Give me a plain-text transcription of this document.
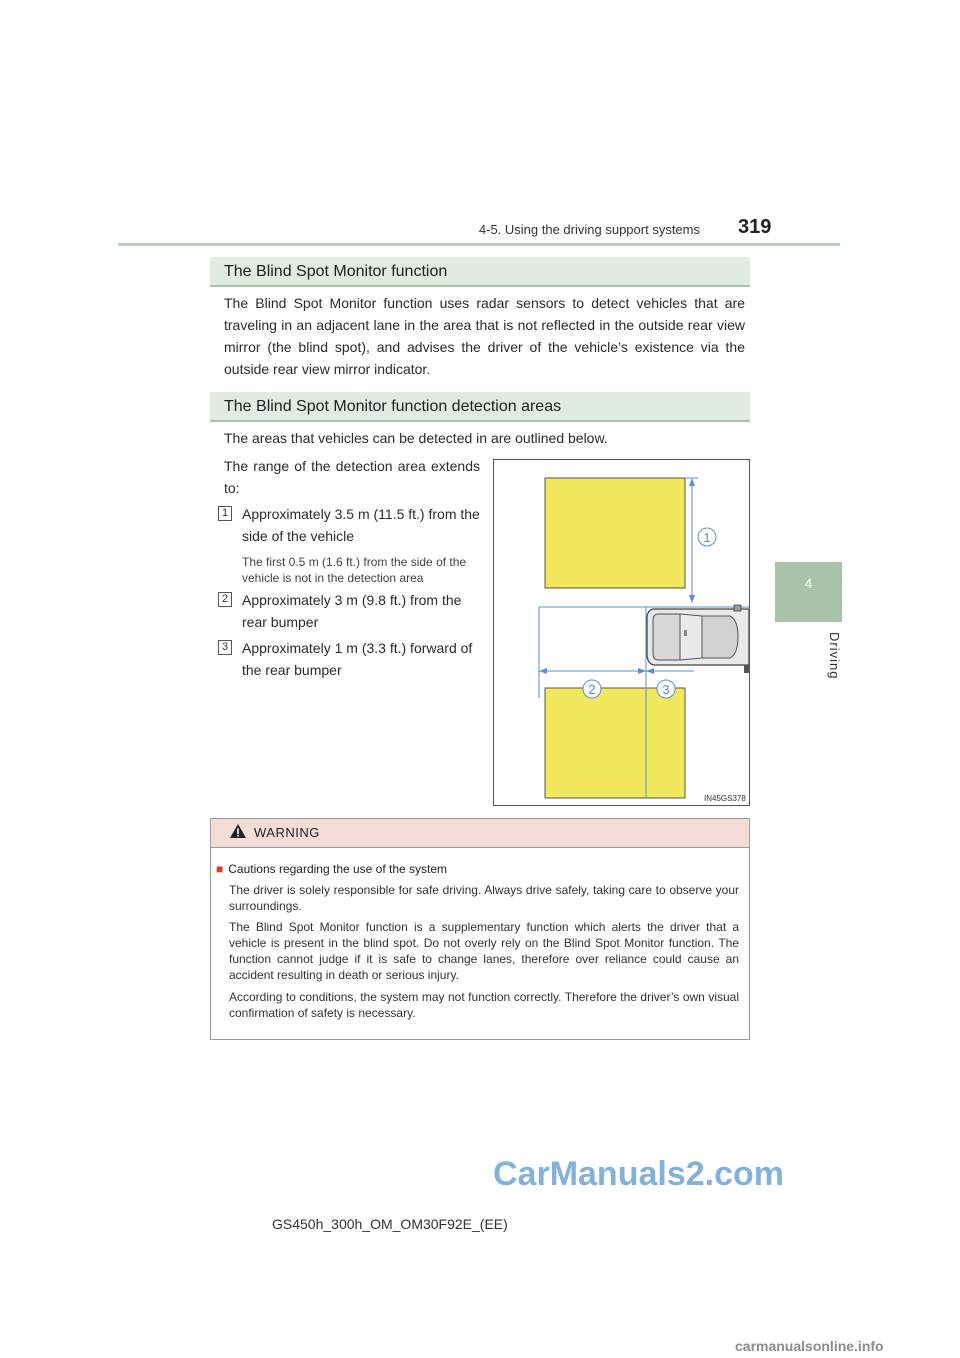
4-5. Using the driving support systems 319
4
Driving
The Blind Spot Monitor function
The Blind Spot Monitor function uses radar sensors to detect vehicles that are traveling in an adjacent lane in the area that is not reflected in the outside rear view mirror (the blind spot), and advises the driver of the vehicle’s existence via the outside rear view mirror indicator.
The Blind Spot Monitor function detection areas
The areas that vehicles can be detected in are outlined below.
The range of the detection area extends to:
1 Approximately 3.5 m (11.5 ft.) from the side of the vehicle
The first 0.5 m (1.6 ft.) from the side of the vehicle is not in the detection area
2 Approximately 3 m (9.8 ft.) from the rear bumper
3 Approximately 1 m (3.3 ft.) forward of the rear bumper
1
2	3
IN45GS378
WARNING
■ Cautions regarding the use of the system
The driver is solely responsible for safe driving. Always drive safely, taking care to observe your surroundings.
The Blind Spot Monitor function is a supplementary function which alerts the driver that a vehicle is present in the blind spot. Do not overly rely on the Blind Spot Monitor function. The function cannot judge if it is safe to change lanes, therefore over reliance could cause an accident resulting in death or serious injury.
According to conditions, the system may not function correctly. Therefore the driver’s own visual confirmation of safety is necessary.
CarManuals2.com
GS450h_300h_OM_OM30F92E_(EE)
carmanualsonline.info
